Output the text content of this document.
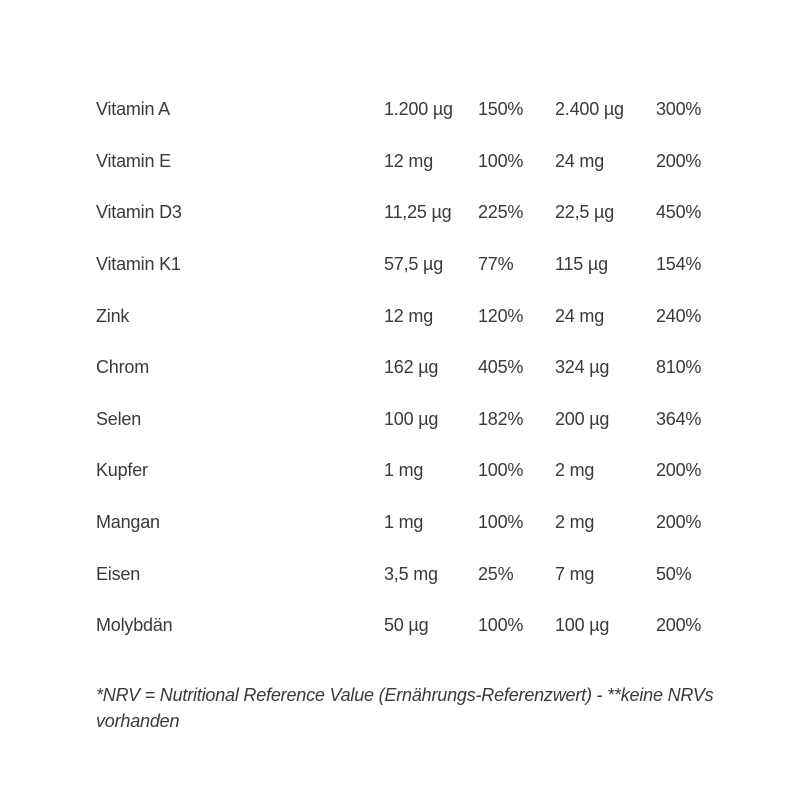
Vitamin A	1.200 µg	150%	2.400 µg	300%
Vitamin E	12 mg	100%	24 mg	200%
Vitamin D3	11,25 µg	225%	22,5 µg	450%
Vitamin K1	57,5 µg	77%	115 µg	154%
Zink	12 mg	120%	24 mg	240%
Chrom	162 µg	405%	324 µg	810%
Selen	100 µg	182%	200 µg	364%
Kupfer	1 mg	100%	2 mg	200%
Mangan	1 mg	100%	2 mg	200%
Eisen	3,5 mg	25%	7 mg	50%
Molybdän	50 µg	100%	100 µg	200%

*NRV = Nutritional Reference Value (Ernährungs-Referenzwert) - **keine NRVs vorhanden
